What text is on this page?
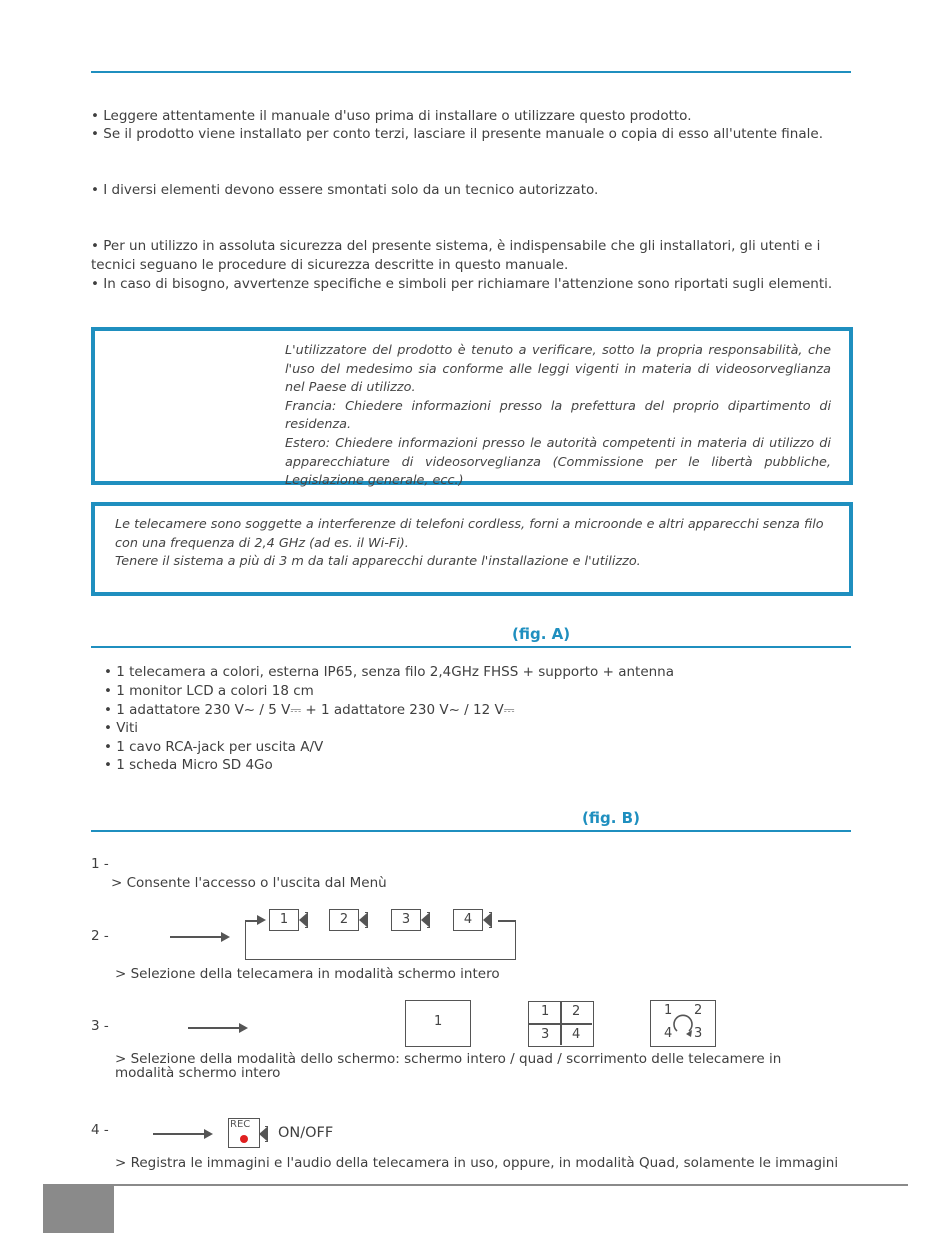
• Leggere attentamente il manuale d'uso prima di installare o utilizzare questo prodotto.
• Se il prodotto viene installato per conto terzi, lasciare il presente manuale o copia di esso all'utente finale.
• I diversi elementi devono essere smontati solo da un tecnico autorizzato.
• Per un utilizzo in assoluta sicurezza del presente sistema, è indispensabile che gli installatori, gli utenti e i tecnici seguano le procedure di sicurezza descritte in questo manuale.
• In caso di bisogno, avvertenze specifiche e simboli per richiamare l'attenzione sono riportati sugli elementi.
L'utilizzatore del prodotto è tenuto a verificare, sotto la propria responsabilità, che l'uso del medesimo sia conforme alle leggi vigenti in materia di videosorveglianza nel Paese di utilizzo.
Francia: Chiedere informazioni presso la prefettura del proprio dipartimento di residenza.
Estero: Chiedere informazioni presso le autorità competenti in materia di utilizzo di apparecchiature di videosorveglianza (Commissione per le libertà pubbliche, Legislazione generale, ecc.)
Le telecamere sono soggette a interferenze di telefoni cordless, forni a microonde e altri apparecchi senza filo con una frequenza di 2,4 GHz (ad es. il Wi-Fi).
Tenere il sistema a più di 3 m da tali apparecchi durante l'installazione e l'utilizzo.
(fig. A)
• 1 telecamera a colori, esterna IP65, senza filo 2,4GHz FHSS + supporto + antenna
• 1 monitor LCD a colori 18 cm
• 1 adattatore 230 V~ / 5 V⎓ + 1 adattatore 230 V~ / 12 V⎓
• Viti
• 1 cavo RCA-jack per uscita A/V
• 1 scheda Micro SD 4Go
(fig. B)
1 -
> Consente l'accesso o l'uscita dal Menù
2 -
1	2	3	4
> Selezione della telecamera in modalità schermo intero
3 -	1
1 2
3 4
1 2
4 3
> Selezione della modalità dello schermo: schermo intero / quad / scorrimento delle telecamere in modalità schermo intero
4 -	REC
ON/OFF
> Registra le immagini e l'audio della telecamera in uso, oppure, in modalità Quad, solamente le immagini
